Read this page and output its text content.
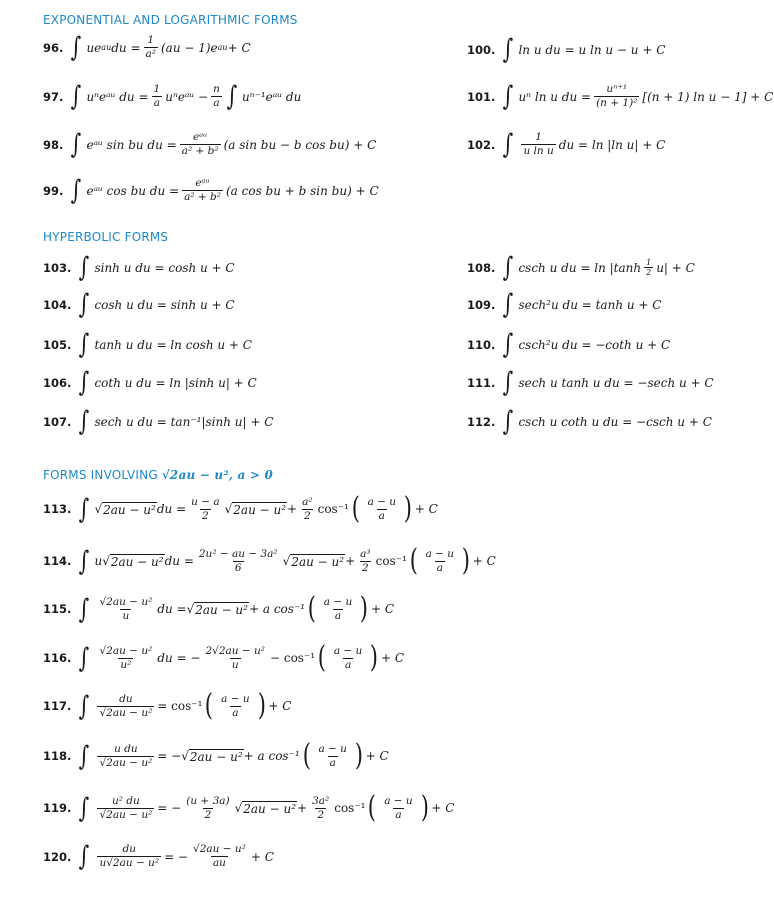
EXPONENTIAL AND LOGARITHMIC FORMS
HYPERBOLIC FORMS
FORMS INVOLVING √2au − u², a > 0
96. ∫ ue au du = $\frac{1}{\text{a²}} (au - 1)e$ au + C
97. ∫ uⁿeᵃᵘ du = $\frac{1}{a}$ uⁿeᵃᵘ − $\frac{n}{a}$ ∫ uⁿ⁻¹eᵃᵘ du
98. ∫ eᵃᵘ sin bu du =
eᵃᵘ
a² + b² (a sin bu − b cos bu) + C
99. ∫ eᵃᵘ cos bu du =
eᵃᵘ
a² + b² (a cos bu + b sin bu) + C
100. ∫ ln u du = u ln u − u + C
101. ∫ uⁿ ln u du = $\frac{\text{uⁿ⁺¹}}{\text{(n + 1)²}} [(n + 1)$ ln u − 1] + C
102. ∫ $\frac{1}{\text{u ln u}}$ du = ln |ln u| + C
103. ∫ sinh u du = cosh u + C
104. ∫ cosh u du = sinh u + C
105. ∫ tanh u du = ln cosh u + C
106. ∫ coth u du = ln |sinh u| + C
107. ∫ sech u du = tan⁻¹|sinh u| + C
108. ∫ csch u du = $\ln |\tanh \frac{1}{2} u| + C$
109. ∫ sech²u du = tanh u + C
110. ∫ csch²u du = −coth u + C
111. ∫ sech u tanh u du = −sech u + C
112. ∫ csch u coth u du = −csch u + C
113. ∫ √ 2au − u² du = $\frac{u - a}{2}$ √ $2au - u^2 + \frac{\text{a²}}{2} \cos^{-1}$ ( $\frac{a - u}{a}$ ) + C
114. ∫ u √ 2au − u² du = $\frac{\text{2u² − au − 3a²}}{6}$ √ $2au - u^2 + \frac{\text{a³}}{2} \cos^{-1}$ ( $\frac{a - u}{a}$ ) + C
115. ∫ $\frac{\text{√2au − u²}}{u}$ du = √ 2au − u² + a cos⁻¹ ( $\frac{a - u}{a}$ ) + C
116. ∫ $\frac{\text{√2au − u²}}{\text{u²}}$ du = − $\frac{\text{2√2au − u²}}{u} - \cos^{-1}$ ( $\frac{a - u}{a}$ ) + C
117. ∫ $\frac{du}{\text{√2au − u²}} = \cos^{-1}$ ( $\frac{a - u}{a}$ ) + C
118. ∫ $\frac{\text{u du}}{\text{√2au − u²}}$ = − √ 2au − u² + a cos⁻¹ ( $\frac{a - u}{a}$ ) + C
119. ∫ $\frac{\text{u² du}}{\text{√2au − u²}}$ = − $\frac{(u + 3a)}{2}$ √ $2au - u^2 + \frac{\text{3a²}}{2} \cos^{-1}$ ( $\frac{a - u}{a}$ ) + C
120. ∫ $\frac{du}{\text{u√2au − u²}}$ = − $\frac{\text{√2au − u²}}{au} + C$
